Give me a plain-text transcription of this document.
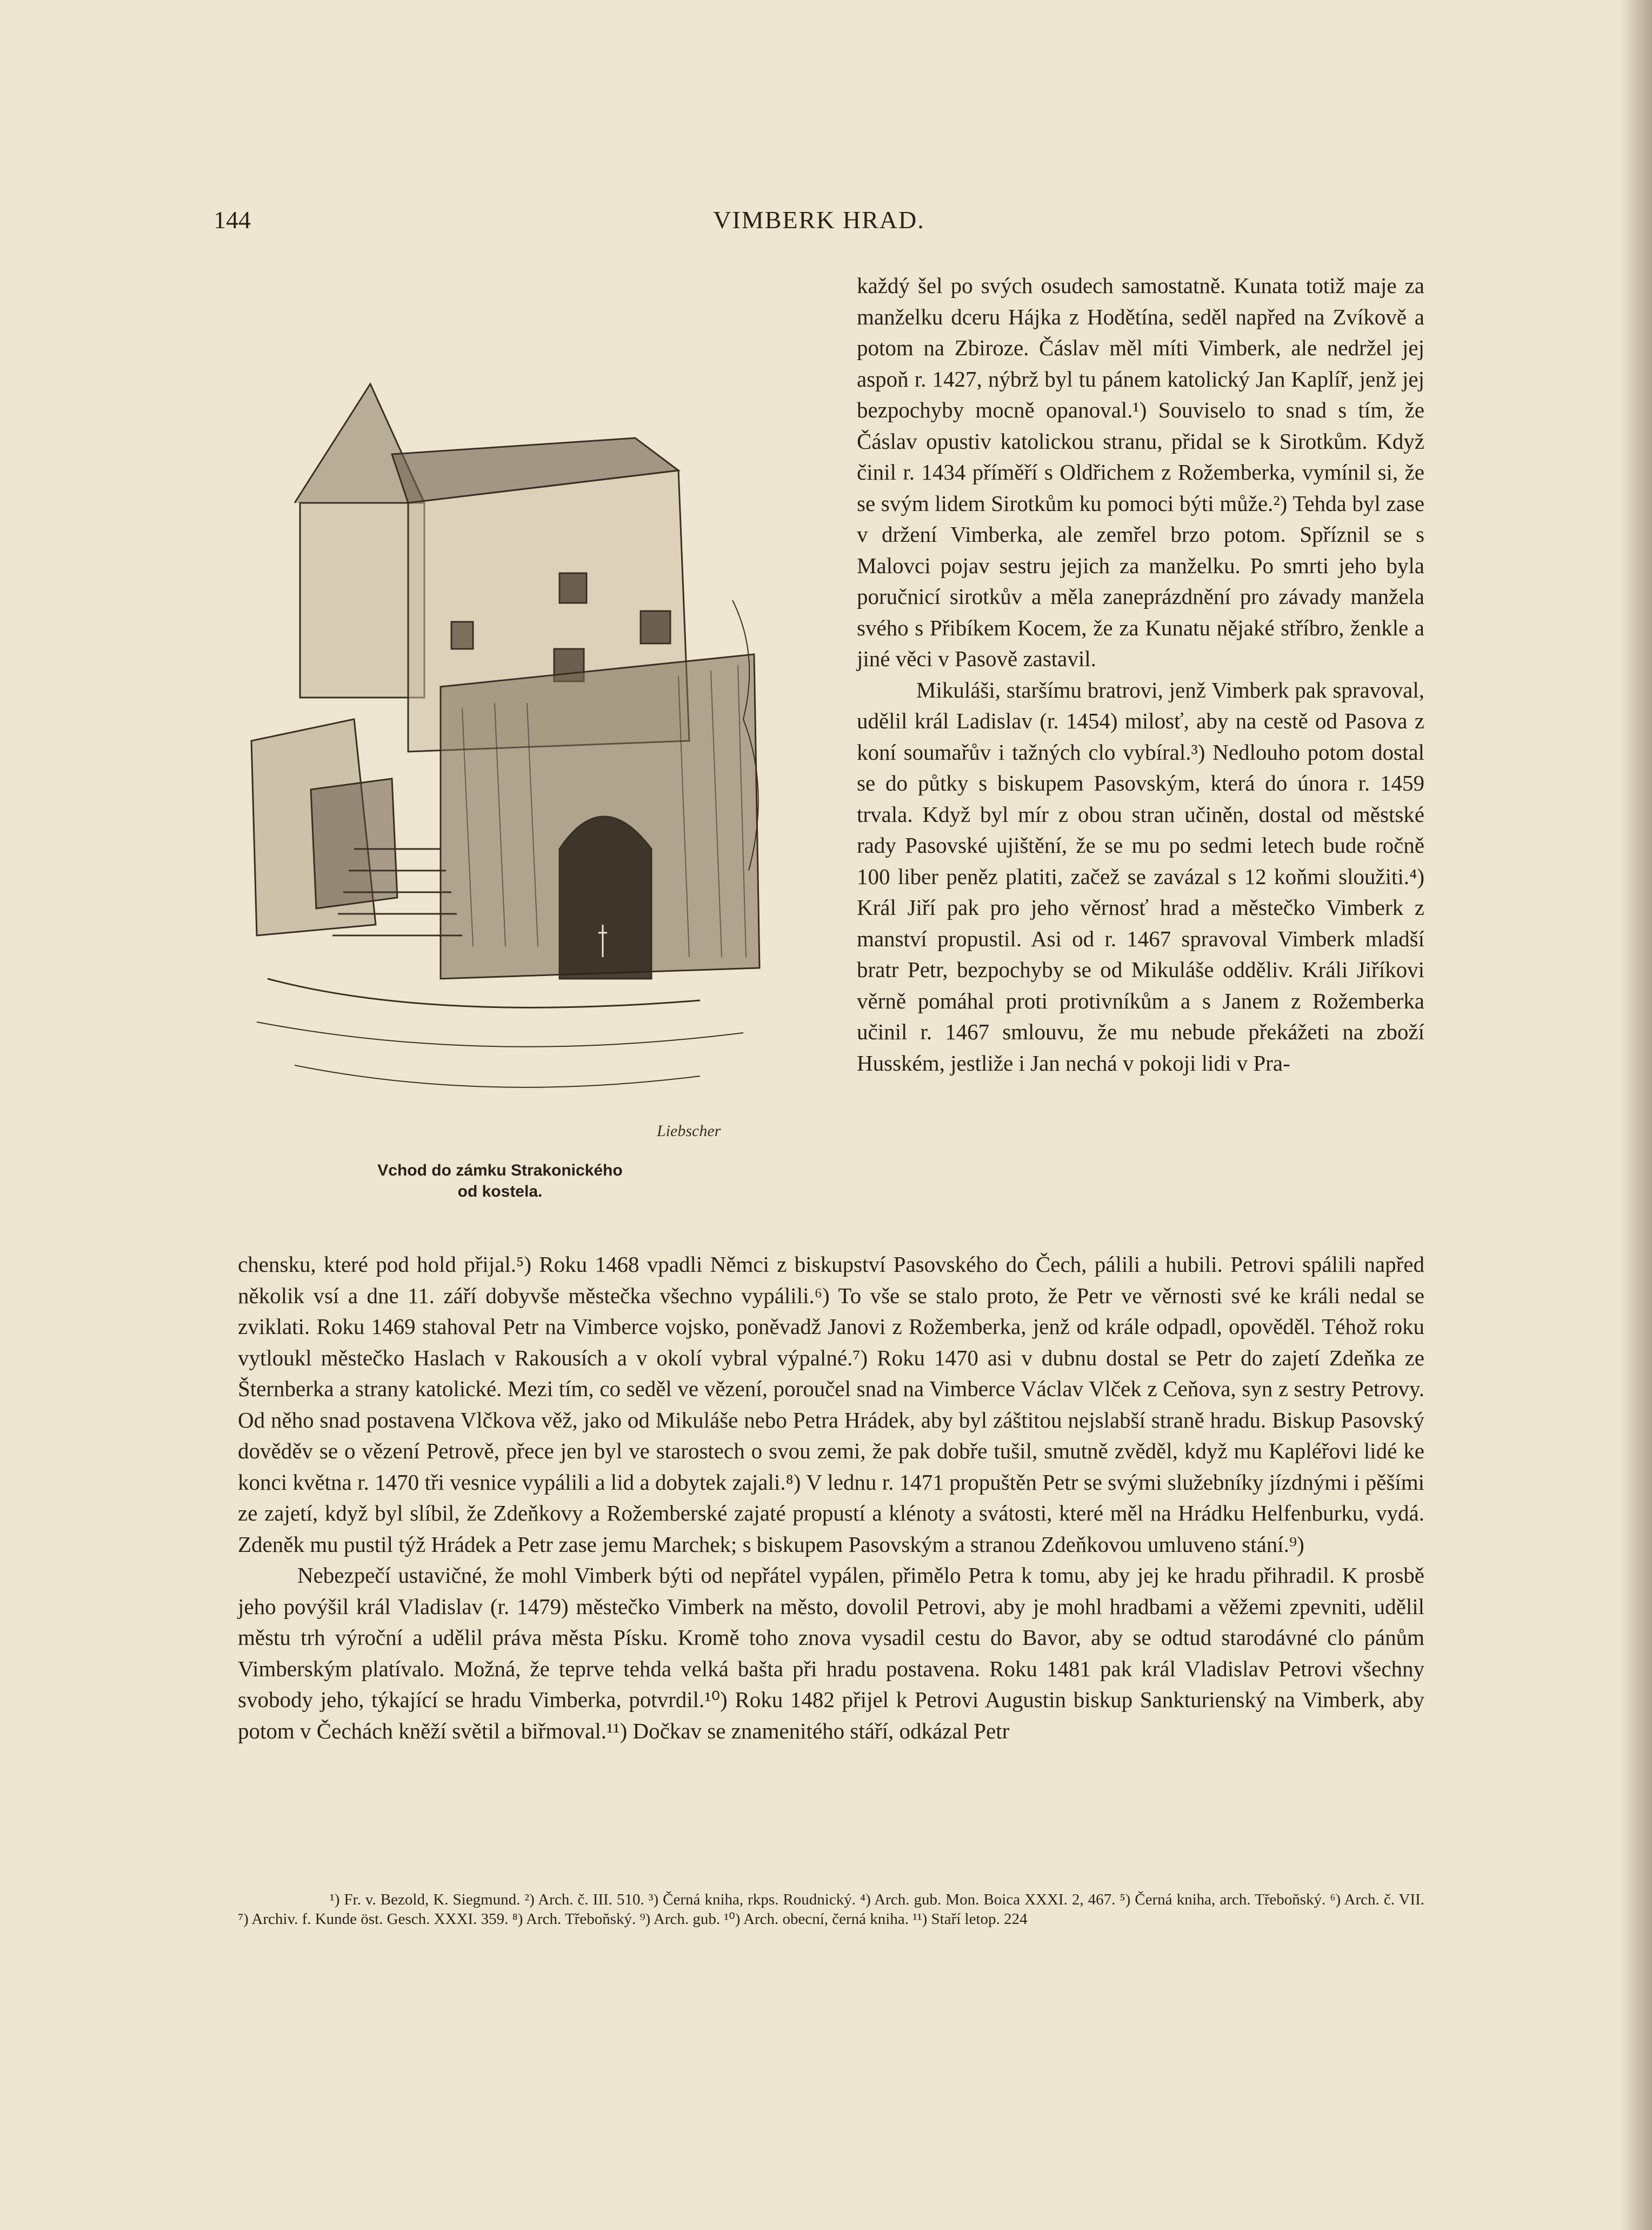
144	VIMBERK HRAD.
Liebscher
Vchod do zámku Strakonického
od kostela.

každý šel po svých osudech samostatně. Kunata totiž maje za manželku dceru Hájka z Hodětína, seděl napřed na Zvíkově a potom na Zbiroze. Čáslav měl míti Vimberk, ale nedržel jej aspoň r. 1427, nýbrž byl tu pánem katolický Jan Kaplíř, jenž jej bezpochyby mocně opanoval.¹) Souviselo to snad s tím, že Čáslav opustiv katolickou stranu, přidal se k Sirotkům. Když činil r. 1434 příměří s Oldřichem z Rožemberka, vymínil si, že se svým lidem Sirotkům ku pomoci býti může.²) Tehda byl zase v držení Vimberka, ale zemřel brzo potom. Spříznil se s Malovci pojav sestru jejich za manželku. Po smrti jeho byla poručnicí sirotkův a měla zaneprázdnění pro závady manžela svého s Přibíkem Kocem, že za Kunatu nějaké stříbro, ženkle a jiné věci v Pasově zastavil.

Mikuláši, staršímu bratrovi, jenž Vimberk pak spravoval, udělil král Ladislav (r. 1454) milosť, aby na cestě od Pasova z koní soumařův i tažných clo vybíral.³) Nedlouho potom dostal se do půtky s biskupem Pasovským, která do února r. 1459 trvala. Když byl mír z obou stran učiněn, dostal od městské rady Pasovské ujištění, že se mu po sedmi letech bude ročně 100 liber peněz platiti, začež se zavázal s 12 koňmi sloužiti.⁴) Král Jiří pak pro jeho věrnosť hrad a městečko Vimberk z manství propustil. Asi od r. 1467 spravoval Vimberk mladší bratr Petr, bezpochyby se od Mikuláše odděliv. Králi Jiříkovi věrně pomáhal proti protivníkům a s Janem z Rožemberka učinil r. 1467 smlouvu, že mu nebude překážeti na zboží Husském, jestliže i Jan nechá v pokoji lidi v Pra-

chensku, které pod hold přijal.⁵) Roku 1468 vpadli Němci z biskupství Pasovského do Čech, pálili a hubili. Petrovi spálili napřed několik vsí a dne 11. září dobyvše městečka všechno vypálili.⁶) To vše se stalo proto, že Petr ve věrnosti své ke králi nedal se zviklati. Roku 1469 stahoval Petr na Vimberce vojsko, poněvadž Janovi z Rožemberka, jenž od krále odpadl, opověděl. Téhož roku vytloukl městečko Haslach v Rakousích a v okolí vybral výpalné.⁷) Roku 1470 asi v dubnu dostal se Petr do zajetí Zdeňka ze Šternberka a strany katolické. Mezi tím, co seděl ve vězení, poroučel snad na Vimberce Václav Vlček z Ceňova, syn z sestry Petrovy. Od něho snad postavena Vlčkova věž, jako od Mikuláše nebo Petra Hrádek, aby byl záštitou nejslabší straně hradu. Biskup Pasovský dověděv se o vězení Petrově, přece jen byl ve starostech o svou zemi, že pak dobře tušil, smutně zvěděl, když mu Kapléřovi lidé ke konci května r. 1470 tři vesnice vypálili a lid a dobytek zajali.⁸) V lednu r. 1471 propuštěn Petr se svými služebníky jízdnými i pěšími ze zajetí, když byl slíbil, že Zdeňkovy a Rožemberské zajaté propustí a klénoty a svátosti, které měl na Hrádku Helfenburku, vydá. Zdeněk mu pustil týž Hrádek a Petr zase jemu Marchek; s biskupem Pasovským a stranou Zdeňkovou umluveno stání.⁹)

Nebezpečí ustavičné, že mohl Vimberk býti od nepřátel vypálen, přimělo Petra k tomu, aby jej ke hradu přihradil. K prosbě jeho povýšil král Vladislav (r. 1479) městečko Vimberk na město, dovolil Petrovi, aby je mohl hradbami a věžemi zpevniti, udělil městu trh výroční a udělil práva města Písku. Kromě toho znova vysadil cestu do Bavor, aby se odtud starodávné clo pánům Vimberským platívalo. Možná, že teprve tehda velká bašta při hradu postavena. Roku 1481 pak král Vladislav Petrovi všechny svobody jeho, týkající se hradu Vimberka, potvrdil.¹⁰) Roku 1482 přijel k Petrovi Augustin biskup Sankturienský na Vimberk, aby potom v Čechách kněží světil a biřmoval.¹¹) Dočkav se znamenitého stáří, odkázal Petr

¹) Fr. v. Bezold, K. Siegmund. ²) Arch. č. III. 510. ³) Černá kniha, rkps. Roudnický. ⁴) Arch. gub. Mon. Boica XXXI. 2, 467. ⁵) Černá kniha, arch. Třeboňský. ⁶) Arch. č. VII. ⁷) Archiv. f. Kunde öst. Gesch. XXXI. 359. ⁸) Arch. Třeboňský. ⁹) Arch. gub. ¹⁰) Arch. obecní, černá kniha. ¹¹) Staří letop. 224
